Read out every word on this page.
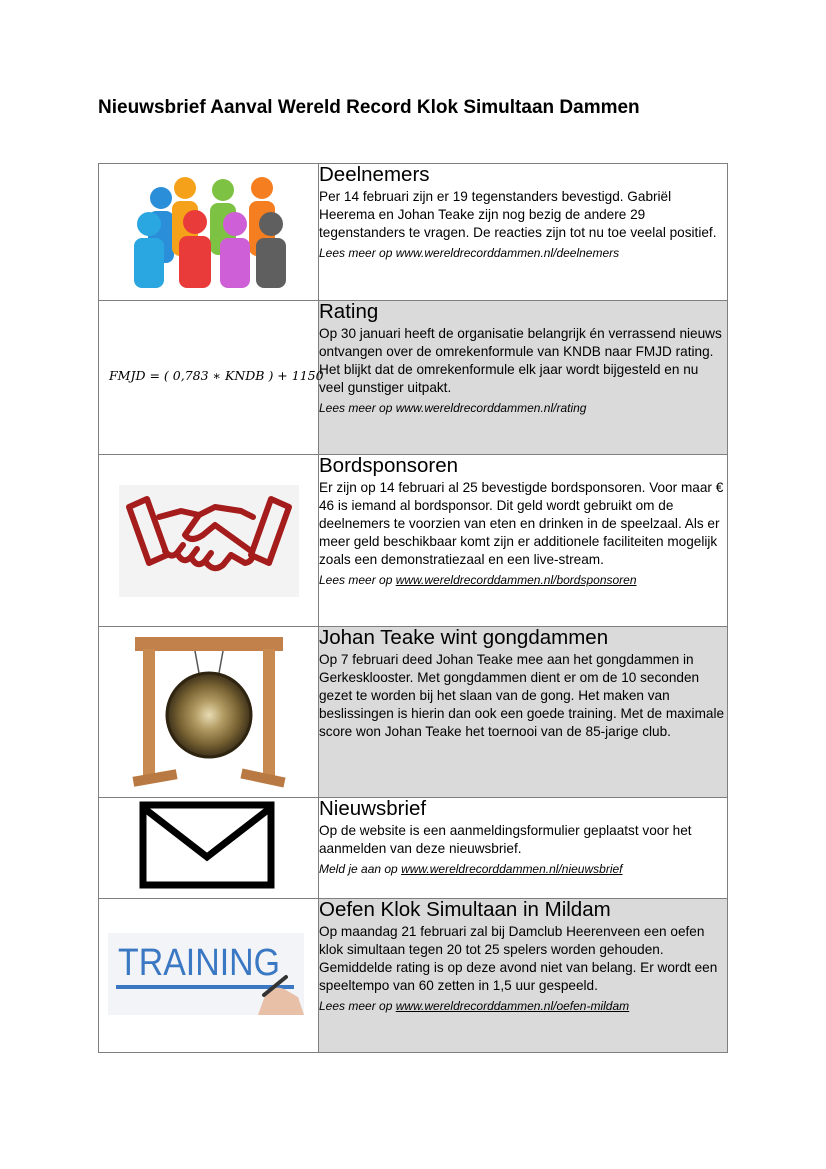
Nieuwsbrief Aanval Wereld Record Klok Simultaan Dammen

Deelnemers
Per 14 februari zijn er 19 tegenstanders bevestigd. Gabriël Heerema en Johan Teake zijn nog bezig de andere 29 tegenstanders te vragen. De reacties zijn tot nu toe veelal positief.
Lees meer op www.wereldrecorddammen.nl/deelnemers

FMJD = ( 0,783 ∗ KNDB ) + 1150	Rating
Op 30 januari heeft de organisatie belangrijk én verrassend nieuws ontvangen over de omrekenformule van KNDB naar FMJD rating. Het blijkt dat de omrekenformule elk jaar wordt bijgesteld en nu veel gunstiger uitpakt.
Lees meer op www.wereldrecorddammen.nl/rating

Bordsponsoren
Er zijn op 14 februari al 25 bevestigde bordsponsoren. Voor maar € 46 is iemand al bordsponsor. Dit geld wordt gebruikt om de deelnemers te voorzien van eten en drinken in de speelzaal. Als er meer geld beschikbaar komt zijn er additionele faciliteiten mogelijk zoals een demonstratiezaal en een live-stream.
Lees meer op www.wereldrecorddammen.nl/bordsponsoren

Johan Teake wint gongdammen
Op 7 februari deed Johan Teake mee aan het gongdammen in Gerkesklooster. Met gongdammen dient er om de 10 seconden gezet te worden bij het slaan van de gong. Het maken van beslissingen is hierin dan ook een goede training. Met de maximale score won Johan Teake het toernooi van de 85-jarige club.

Nieuwsbrief
Op de website is een aanmeldingsformulier geplaatst voor het aanmelden van deze nieuwsbrief.
Meld je aan op www.wereldrecorddammen.nl/nieuwsbrief

TRAINING	Oefen Klok Simultaan in Mildam
Op maandag 21 februari zal bij Damclub Heerenveen een oefen klok simultaan tegen 20 tot 25 spelers worden gehouden. Gemiddelde rating is op deze avond niet van belang. Er wordt een speeltempo van 60 zetten in 1,5 uur gespeeld.
Lees meer op www.wereldrecorddammen.nl/oefen-mildam
